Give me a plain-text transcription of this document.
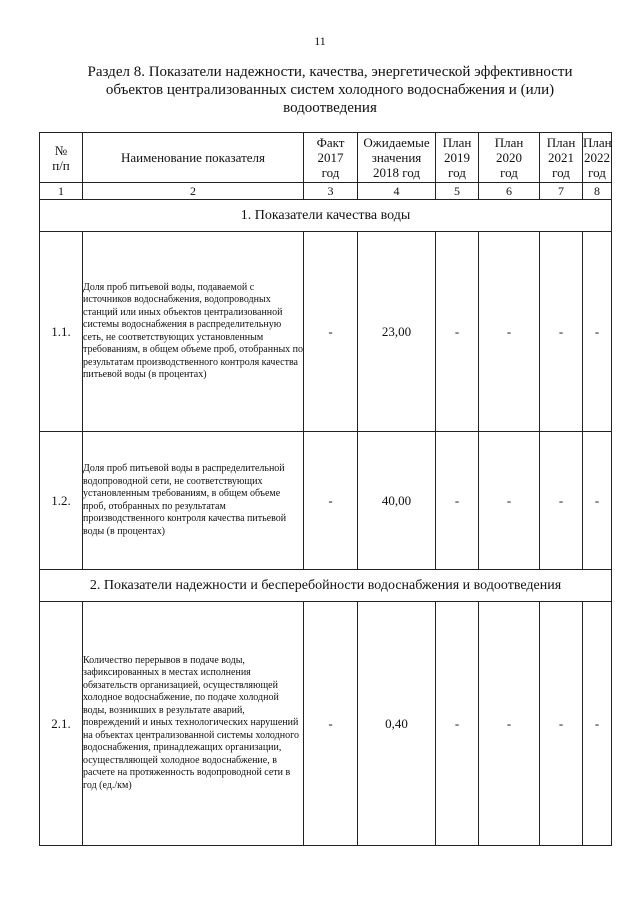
11
Раздел 8. Показатели надежности, качества, энергетической эффективности объектов централизованных систем холодного водоснабжения и (или) водоотведения
№ п/п	Наименование показателя	Факт 2017 год	Ожидаемые значения 2018 год	План 2019 год	План 2020 год	План 2021 год	План 2022 год

1	2	3	4	5	6	7	8
1. Показатели качества воды							
1.1.	Доля проб питьевой воды, подаваемой с источников водоснабжения, водопроводных станций или иных объектов централизованной системы водоснабжения в распределительную сеть, не соответствующих установленным требованиям, в общем объеме проб, отобранных по результатам производственного контроля качества питьевой воды (в процентах)	-	23,00	-	-	-	-
1.2.	Доля проб питьевой воды в распределительной водопроводной сети, не соответствующих установленным требованиям, в общем объеме проб, отобранных по результатам производственного контроля качества питьевой воды (в процентах)	-	40,00	-	-	-	-
2. Показатели надежности и бесперебойности водоснабжения и водоотведения							
2.1.	Количество перерывов в подаче воды, зафиксированных в местах исполнения обязательств организацией, осуществляющей холодное водоснабжение, по подаче холодной воды, возникших в результате аварий, повреждений и иных технологических нарушений на объектах централизованной системы холодного водоснабжения, принадлежащих организации, осуществляющей холодное водоснабжение, в расчете на протяженность водопроводной сети в год (ед./км)	-	0,40	-	-	-	-
